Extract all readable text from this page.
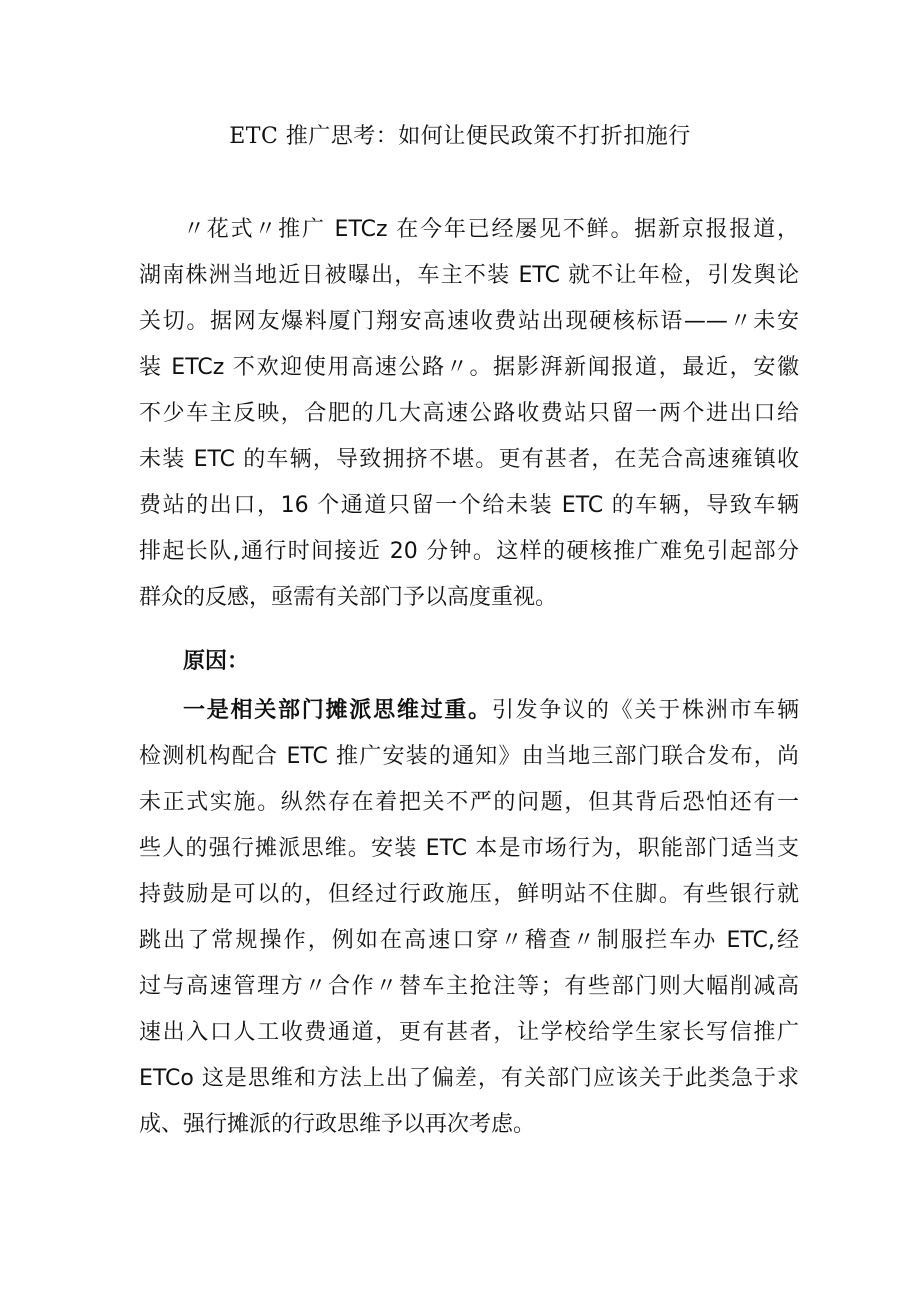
ETC 推广思考：如何让便民政策不打折扣施行
〃花式〃推广 ETCz 在今年已经屡见不鲜。据新京报报道，
湖南株洲当地近日被曝出，车主不装 ETC 就不让年检，引发舆论
关切。据网友爆料厦门翔安高速收费站出现硬核标语——〃未安
装 ETCz 不欢迎使用高速公路〃。据影湃新闻报道，最近，安徽
不少车主反映，合肥的几大高速公路收费站只留一两个进出口给
未装 ETC 的车辆，导致拥挤不堪。更有甚者，在芜合高速雍镇收
费站的出口，16 个通道只留一个给未装 ETC 的车辆，导致车辆
排起长队,通行时间接近 20 分钟。这样的硬核推广难免引起部分
群众的反感，亟需有关部门予以高度重视。
原因：
一是相关部门摊派思维过重。引发争议的《关于株洲市车辆
检测机构配合 ETC 推广安装的通知》由当地三部门联合发布，尚
未正式实施。纵然存在着把关不严的问题，但其背后恐怕还有一
些人的强行摊派思维。安装 ETC 本是市场行为，职能部门适当支
持鼓励是可以的，但经过行政施压，鲜明站不住脚。有些银行就
跳出了常规操作，例如在高速口穿〃稽查〃制服拦车办 ETC,经
过与高速管理方〃合作〃替车主抢注等；有些部门则大幅削减高
速出入口人工收费通道，更有甚者，让学校给学生家长写信推广
ETCo 这是思维和方法上出了偏差，有关部门应该关于此类急于求
成、强行摊派的行政思维予以再次考虑。
